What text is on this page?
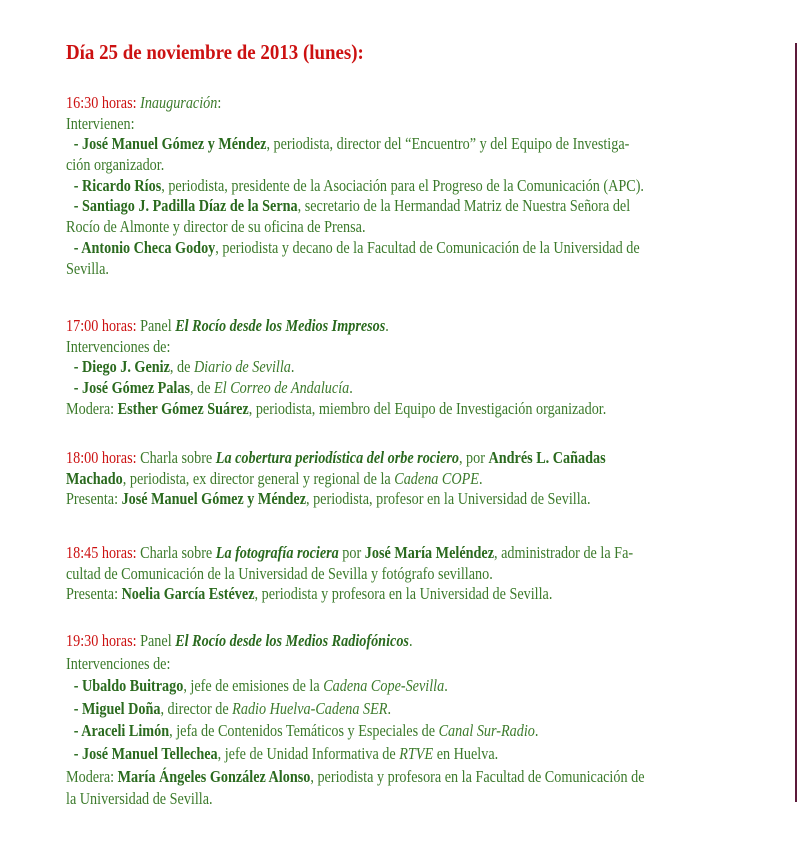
Día 25 de noviembre de 2013 (lunes):
16:30 horas: Inauguración:
Intervienen:
- José Manuel Gómez y Méndez, periodista, director del “Encuentro” y del Equipo de Investiga-
ción organizador.
- Ricardo Ríos, periodista, presidente de la Asociación para el Progreso de la Comunicación (APC).
- Santiago J. Padilla Díaz de la Serna, secretario de la Hermandad Matriz de Nuestra Señora del
Rocío de Almonte y director de su oficina de Prensa.
- Antonio Checa Godoy, periodista y decano de la Facultad de Comunicación de la Universidad de
Sevilla.
17:00 horas: Panel El Rocío desde los Medios Impresos.
Intervenciones de:
- Diego J. Geniz, de Diario de Sevilla.
- José Gómez Palas, de El Correo de Andalucía.
Modera: Esther Gómez Suárez, periodista, miembro del Equipo de Investigación organizador.
18:00 horas: Charla sobre La cobertura periodística del orbe rociero, por Andrés L. Cañadas
Machado, periodista, ex director general y regional de la Cadena COPE.
Presenta: José Manuel Gómez y Méndez, periodista, profesor en la Universidad de Sevilla.
18:45 horas: Charla sobre La fotografía rociera por José María Meléndez, administrador de la Fa-
cultad de Comunicación de la Universidad de Sevilla y fotógrafo sevillano.
Presenta: Noelia García Estévez, periodista y profesora en la Universidad de Sevilla.
19:30 horas: Panel El Rocío desde los Medios Radiofónicos.
Intervenciones de:
- Ubaldo Buitrago, jefe de emisiones de la Cadena Cope-Sevilla.
- Miguel Doña, director de Radio Huelva-Cadena SER.
- Araceli Limón, jefa de Contenidos Temáticos y Especiales de Canal Sur-Radio.
- José Manuel Tellechea, jefe de Unidad Informativa de RTVE en Huelva.
Modera: María Ángeles González Alonso, periodista y profesora en la Facultad de Comunicación de
la Universidad de Sevilla.
